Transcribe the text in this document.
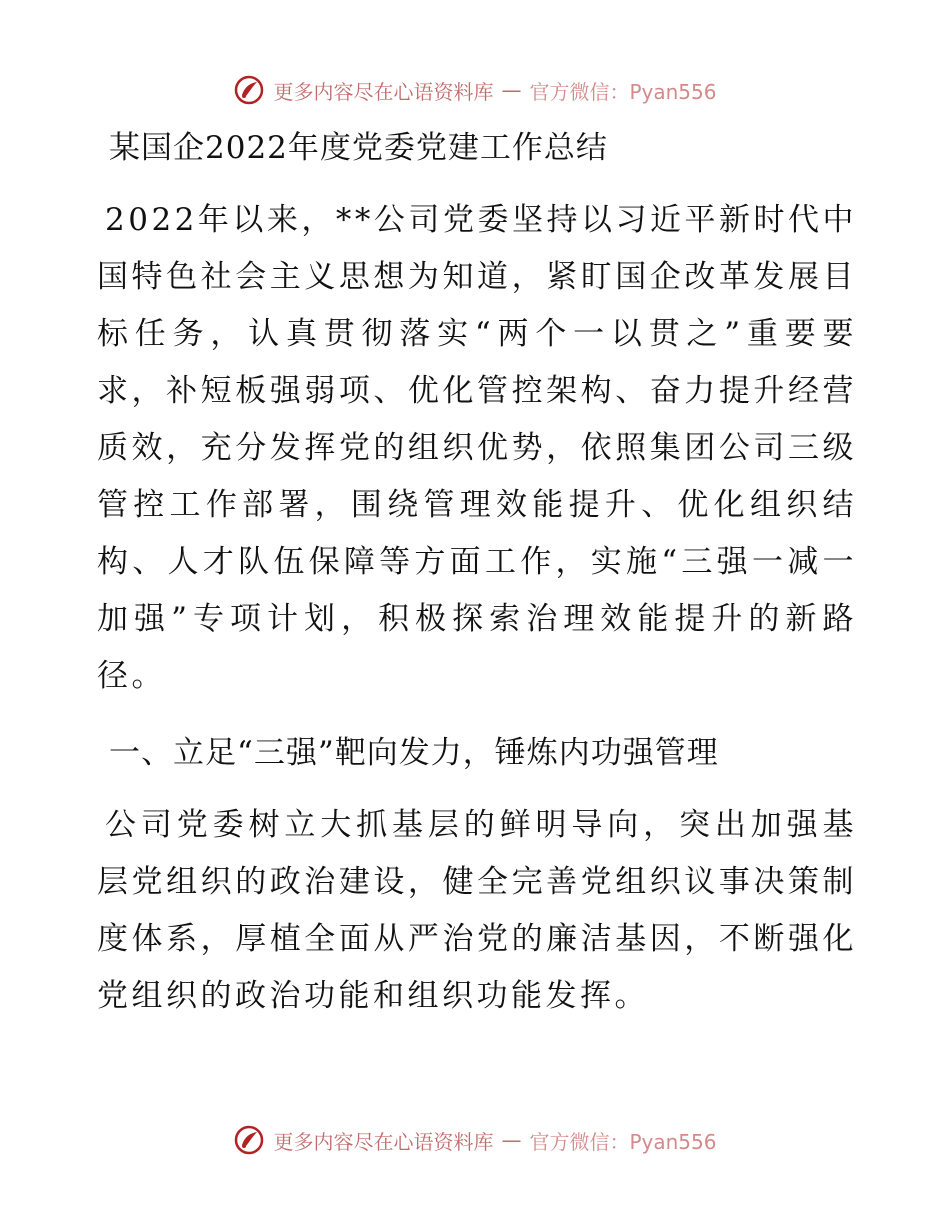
更多内容尽在心语资料库 — 官方微信：Pyan556
某国企2022年度党委党建工作总结

2022年以来，**公司党委坚持以习近平新时代中国特色社会主义思想为知道，紧盯国企改革发展目标任务，认真贯彻落实“两个一以贯之”重要要求，补短板强弱项、优化管控架构、奋力提升经营质效，充分发挥党的组织优势，依照集团公司三级管控工作部署，围绕管理效能提升、优化组织结构、人才队伍保障等方面工作，实施“三强一减一加强”专项计划，积极探索治理效能提升的新路径。

一、立足“三强”靶向发力，锤炼内功强管理

公司党委树立大抓基层的鲜明导向，突出加强基层党组织的政治建设，健全完善党组织议事决策制度体系，厚植全面从严治党的廉洁基因，不断强化党组织的政治功能和组织功能发挥。

更多内容尽在心语资料库 — 官方微信：Pyan556
